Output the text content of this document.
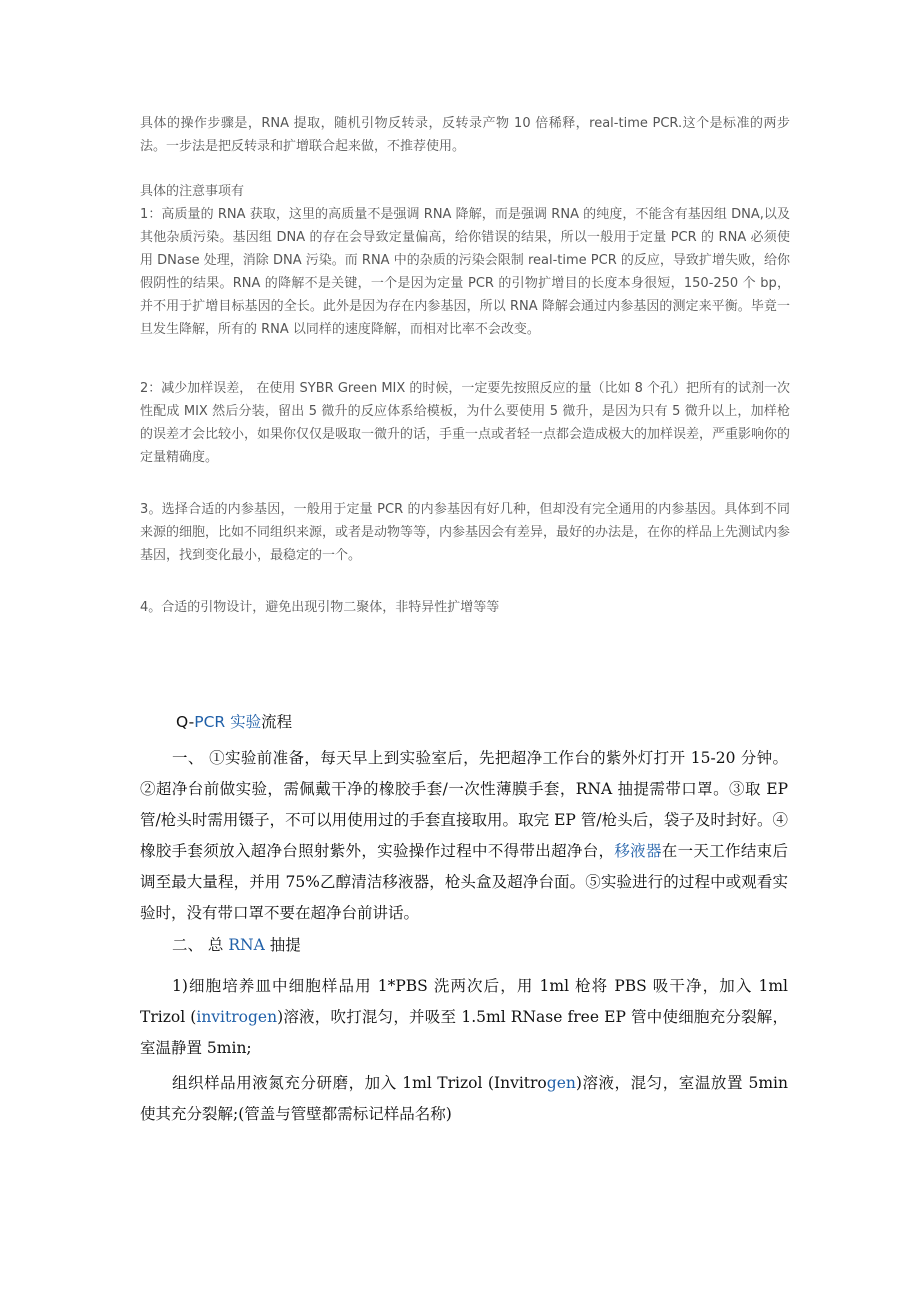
具体的操作步骤是，RNA 提取，随机引物反转录，反转录产物 10 倍稀释，real-time PCR.这个是标准的两步法。一步法是把反转录和扩增联合起来做，不推荐使用。

具体的注意事项有

1：高质量的 RNA 获取，这里的高质量不是强调 RNA 降解，而是强调 RNA 的纯度，不能含有基因组 DNA,以及其他杂质污染。基因组 DNA 的存在会导致定量偏高，给你错误的结果，所以一般用于定量 PCR 的 RNA 必须使用 DNase 处理，消除 DNA 污染。而 RNA 中的杂质的污染会限制 real-time PCR 的反应，导致扩增失败，给你假阴性的结果。RNA 的降解不是关键，一个是因为定量 PCR 的引物扩增目的长度本身很短，150-250 个 bp，并不用于扩增目标基因的全长。此外是因为存在内参基因，所以 RNA 降解会通过内参基因的测定来平衡。毕竟一旦发生降解，所有的 RNA 以同样的速度降解，而相对比率不会改变。

2：减少加样误差， 在使用 SYBR Green MIX 的时候，一定要先按照反应的量（比如 8 个孔）把所有的试剂一次性配成 MIX 然后分装，留出 5 微升的反应体系给模板，为什么要使用 5 微升，是因为只有 5 微升以上，加样枪的误差才会比较小，如果你仅仅是吸取一微升的话，手重一点或者轻一点都会造成极大的加样误差，严重影响你的定量精确度。

3。选择合适的内参基因，一般用于定量 PCR 的内参基因有好几种，但却没有完全通用的内参基因。具体到不同来源的细胞，比如不同组织来源，或者是动物等等，内参基因会有差异，最好的办法是，在你的样品上先测试内参基因，找到变化最小，最稳定的一个。

4。合适的引物设计，避免出现引物二聚体，非特异性扩增等等

Q-PCR 实验流程

一、 ①实验前准备，每天早上到实验室后，先把超净工作台的紫外灯打开 15-20 分钟。②超净台前做实验，需佩戴干净的橡胶手套/一次性薄膜手套，RNA 抽提需带口罩。③取 EP 管/枪头时需用镊子，不可以用使用过的手套直接取用。取完 EP 管/枪头后，袋子及时封好。④橡胶手套须放入超净台照射紫外，实验操作过程中不得带出超净台，移液器在一天工作结束后调至最大量程，并用 75%乙醇清洁移液器，枪头盒及超净台面。⑤实验进行的过程中或观看实验时，没有带口罩不要在超净台前讲话。

二、 总 RNA 抽提

1)细胞培养皿中细胞样品用 1*PBS 洗两次后，用 1ml 枪将 PBS 吸干净，加入 1ml Trizol (invitrogen)溶液，吹打混匀，并吸至 1.5ml RNase free EP 管中使细胞充分裂解，室温静置 5min;

组织样品用液氮充分研磨，加入 1ml Trizol (Invitrogen)溶液，混匀，室温放置 5min 使其充分裂解;(管盖与管壁都需标记样品名称)
